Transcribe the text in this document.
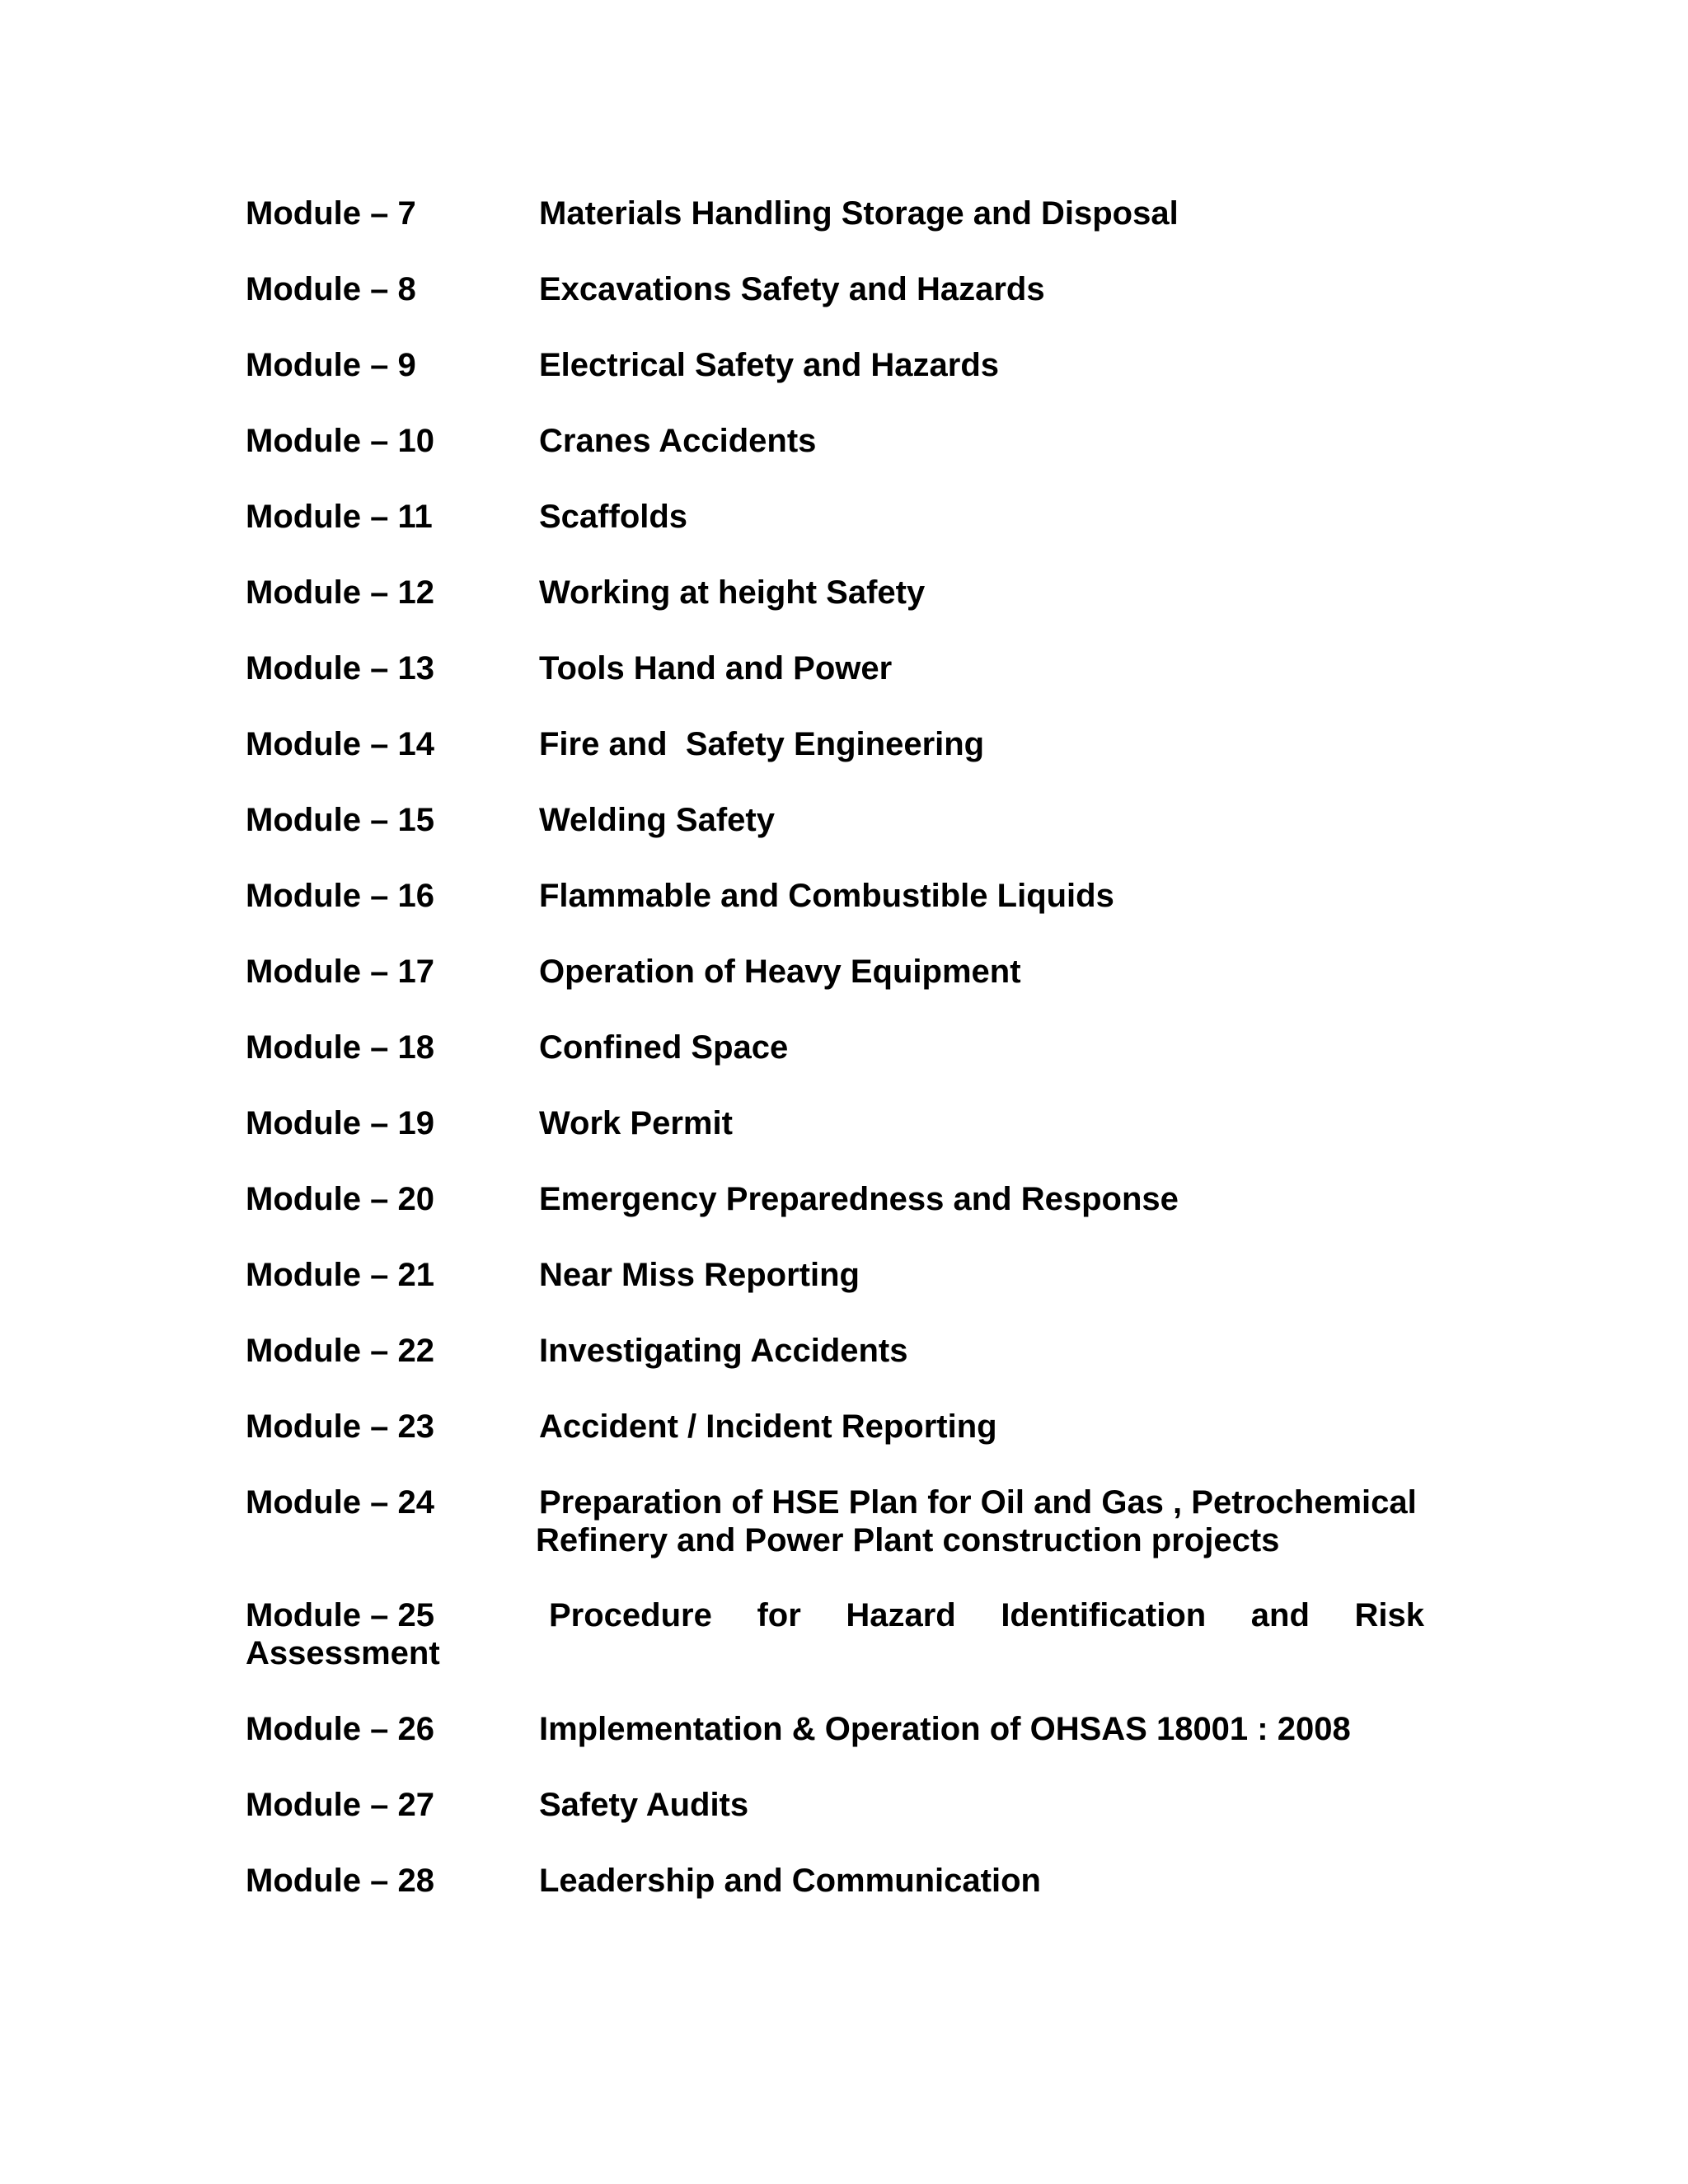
Module – 7	Materials Handling Storage and Disposal
Module – 8	Excavations Safety and Hazards
Module – 9	Electrical Safety and Hazards
Module – 10	Cranes Accidents
Module – 11	Scaffolds
Module – 12	Working at height Safety
Module – 13	Tools Hand and Power
Module – 14	Fire and  Safety Engineering
Module – 15	Welding Safety
Module – 16	Flammable and Combustible Liquids
Module – 17	Operation of Heavy Equipment
Module – 18	Confined Space
Module – 19	Work Permit
Module – 20	Emergency Preparedness and Response
Module – 21	Near Miss Reporting
Module – 22	Investigating Accidents
Module – 23	Accident / Incident Reporting
Module – 24	Preparation of HSE Plan for Oil and Gas , Petrochemical
Refinery and Power Plant construction projects
Module – 25	Procedure for Hazard Identification and Risk
Assessment
Module – 26	Implementation & Operation of OHSAS 18001 : 2008
Module – 27	Safety Audits
Module – 28	Leadership and Communication
